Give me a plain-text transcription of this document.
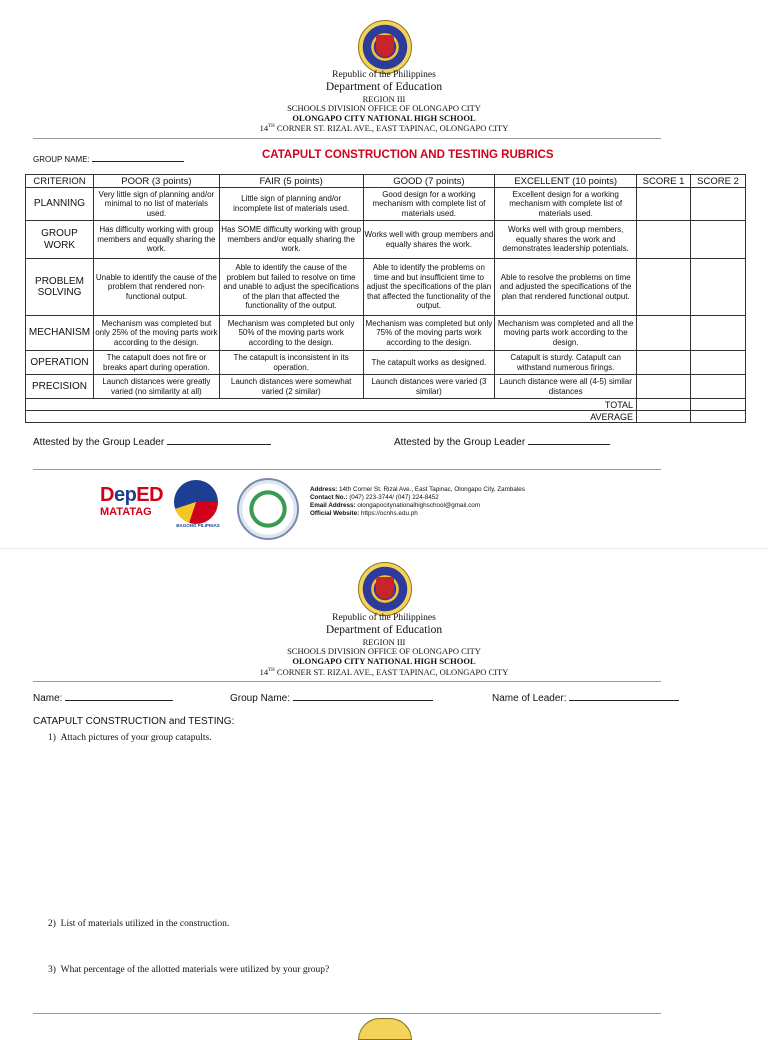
Republic of the Philippines
Department of Education
REGION III
SCHOOLS DIVISION OFFICE OF OLONGAPO CITY
OLONGAPO CITY NATIONAL HIGH SCHOOL
14TH CORNER ST. RIZAL AVE., EAST TAPINAC, OLONGAPO CITY
GROUP NAME:	CATAPULT CONSTRUCTION AND TESTING RUBRICS
CRITERION	POOR (3 points)	FAIR (5 points)	GOOD (7 points)	EXCELLENT (10 points)	SCORE 1	SCORE 2
PLANNING	Very little sign of planning and/or minimal to no list of materials used.	Little sign of planning and/or incomplete list of materials used.	Good design for a working mechanism with complete list of materials used.	Excellent design for a working mechanism with complete list of materials used.		
GROUP WORK	Has difficulty working with group members and equally sharing the work.	Has SOME difficulty working with group members and/or equally sharing the work.	Works well with group members and equally shares the work.	Works well with group members, equally shares the work and demonstrates leadership potentials.		
PROBLEM SOLVING	Unable to identify the cause of the problem that rendered non-functional output.	Able to identify the cause of the problem but failed to resolve on time and unable to adjust the specifications of the plan that affected the functionality of the output.	Able to identify the problems on time and but insufficient time to adjust the specifications of the plan that affected the functionality of the output.	Able to resolve the problems on time and adjusted the specifications of the plan that rendered functional output.		
MECHANISM	Mechanism was completed but only 25% of the moving parts work according to the design.	Mechanism was completed but only 50% of the moving parts work according to the design.	Mechanism was completed but only 75% of the moving parts work according to the design.	Mechanism was completed and all the moving parts work according to the design.		
OPERATION	The catapult does not fire or breaks apart during operation.	The catapult is inconsistent in its operation.	The catapult works as designed.	Catapult is sturdy. Catapult can withstand numerous firings.		
PRECISION	Launch distances were greatly varied (no similarity at all)	Launch distances were somewhat varied (2 similar)	Launch distances were varied (3 similar)	Launch distance were all (4-5) similar distances		
TOTAL						
AVERAGE						
Attested by the Group Leader	Attested by the Group Leader
DepED
MATATAG
BAGONG PILIPINAS
Address: 14th Corner St. Rizal Ave., East Tapinac, Olongapo City, Zambales
Contact No.: (047) 223-3744/ (047) 224-8452
Email Address: olongapocitynationalhighschool@gmail.com
Official Website: https://ocnhs.edu.ph
Republic of the Philippines
Department of Education
REGION III
SCHOOLS DIVISION OFFICE OF OLONGAPO CITY
OLONGAPO CITY NATIONAL HIGH SCHOOL
14TH CORNER ST. RIZAL AVE., EAST TAPINAC, OLONGAPO CITY
Name:	Group Name:	Name of Leader:
CATAPULT CONSTRUCTION and TESTING:
1) Attach pictures of your group catapults.
2) List of materials utilized in the construction.
3) What percentage of the allotted materials were utilized by your group?
